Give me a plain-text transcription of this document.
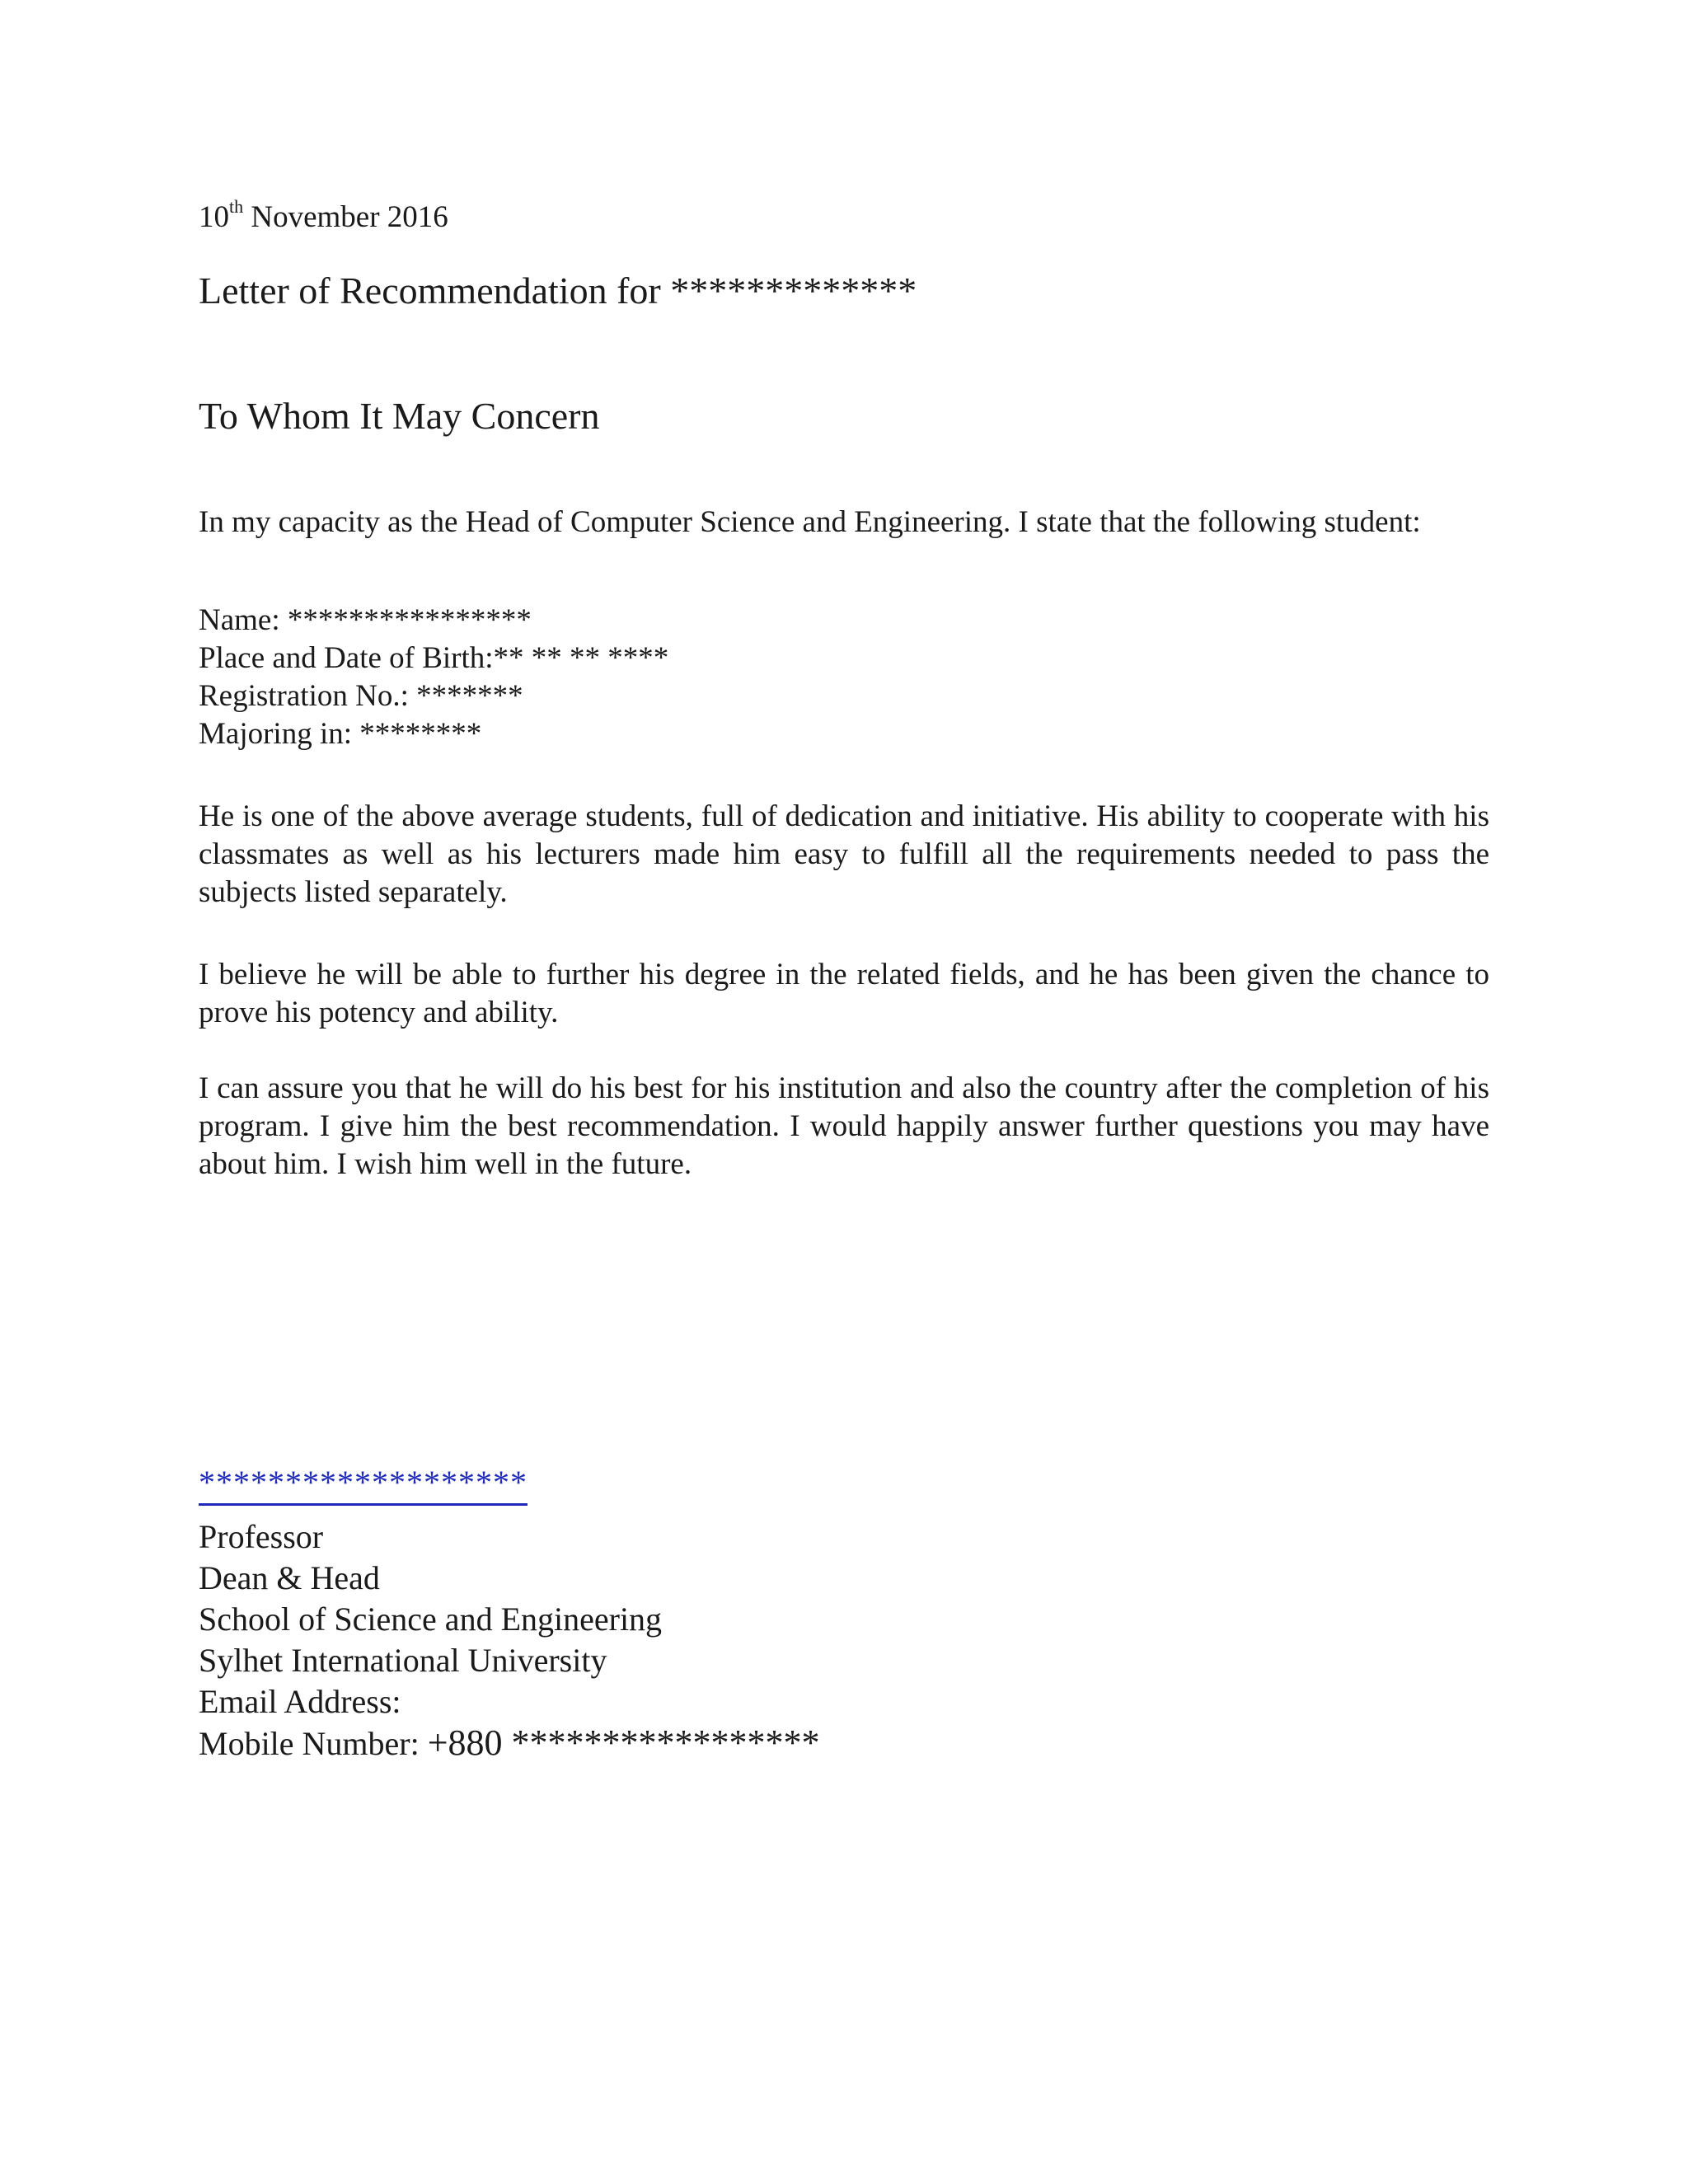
10th November 2016

Letter of Recommendation for *************

To Whom It May Concern

In my capacity as the Head of Computer Science and Engineering. I state that the following student:

Name: ****************
Place and Date of Birth:** ** ** ****
Registration No.: *******
Majoring in: ********

He is one of the above average students, full of dedication and initiative. His ability to cooperate with his classmates as well as his lecturers made him easy to fulfill all the requirements needed to pass the subjects listed separately.

I believe he will be able to further his degree in the related fields, and he has been given the chance to prove his potency and ability.

I can assure you that he will do his best for his institution and also the country after the completion of his program. I give him the best recommendation. I would happily answer further questions you may have about him. I wish him well in the future.

*******************
Professor
Dean & Head
School of Science and Engineering
Sylhet International University
Email Address:
Mobile Number: +880 *****************
